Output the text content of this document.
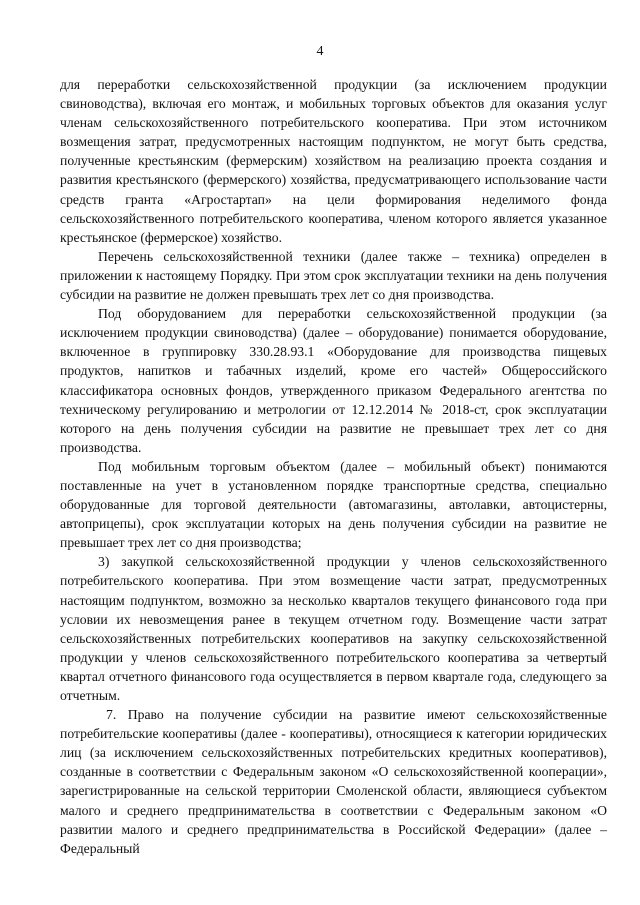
4

для переработки сельскохозяйственной продукции (за исключением продукции свиноводства), включая его монтаж, и мобильных торговых объектов для оказания услуг членам сельскохозяйственного потребительского кооператива. При этом источником возмещения затрат, предусмотренных настоящим подпунктом, не могут быть средства, полученные крестьянским (фермерским) хозяйством на реализацию проекта создания и развития крестьянского (фермерского) хозяйства, предусматривающего использование части средств гранта «Агростартап» на цели формирования неделимого фонда сельскохозяйственного потребительского кооператива, членом которого является указанное крестьянское (фермерское) хозяйство.

Перечень сельскохозяйственной техники (далее также – техника) определен в приложении к настоящему Порядку. При этом срок эксплуатации техники на день получения субсидии на развитие не должен превышать трех лет со дня производства.

Под оборудованием для переработки сельскохозяйственной продукции (за исключением продукции свиноводства) (далее – оборудование) понимается оборудование, включенное в группировку 330.28.93.1 «Оборудование для производства пищевых продуктов, напитков и табачных изделий, кроме его частей» Общероссийского классификатора основных фондов, утвержденного приказом Федерального агентства по техническому регулированию и метрологии от 12.12.2014 № 2018-ст, срок эксплуатации которого на день получения субсидии на развитие не превышает трех лет со дня производства.

Под мобильным торговым объектом (далее – мобильный объект) понимаются поставленные на учет в установленном порядке транспортные средства, специально оборудованные для торговой деятельности (автомагазины, автолавки, автоцистерны, автоприцепы), срок эксплуатации которых на день получения субсидии на развитие не превышает трех лет со дня производства;

3) закупкой сельскохозяйственной продукции у членов сельскохозяйственного потребительского кооператива. При этом возмещение части затрат, предусмотренных настоящим подпунктом, возможно за несколько кварталов текущего финансового года при условии их невозмещения ранее в текущем отчетном году. Возмещение части затрат сельскохозяйственных потребительских кооперативов на закупку сельскохозяйственной продукции у членов сельскохозяйственного потребительского кооператива за четвертый квартал отчетного финансового года осуществляется в первом квартале года, следующего за отчетным.

7. Право на получение субсидии на развитие имеют сельскохозяйственные потребительские кооперативы (далее - кооперативы), относящиеся к категории юридических лиц (за исключением сельскохозяйственных потребительских кредитных кооперативов), созданные в соответствии с Федеральным законом «О сельскохозяйственной кооперации», зарегистрированные на сельской территории Смоленской области, являющиеся субъектом малого и среднего предпринимательства в соответствии с Федеральным законом «О развитии малого и среднего предпринимательства в Российской Федерации» (далее – Федеральный
